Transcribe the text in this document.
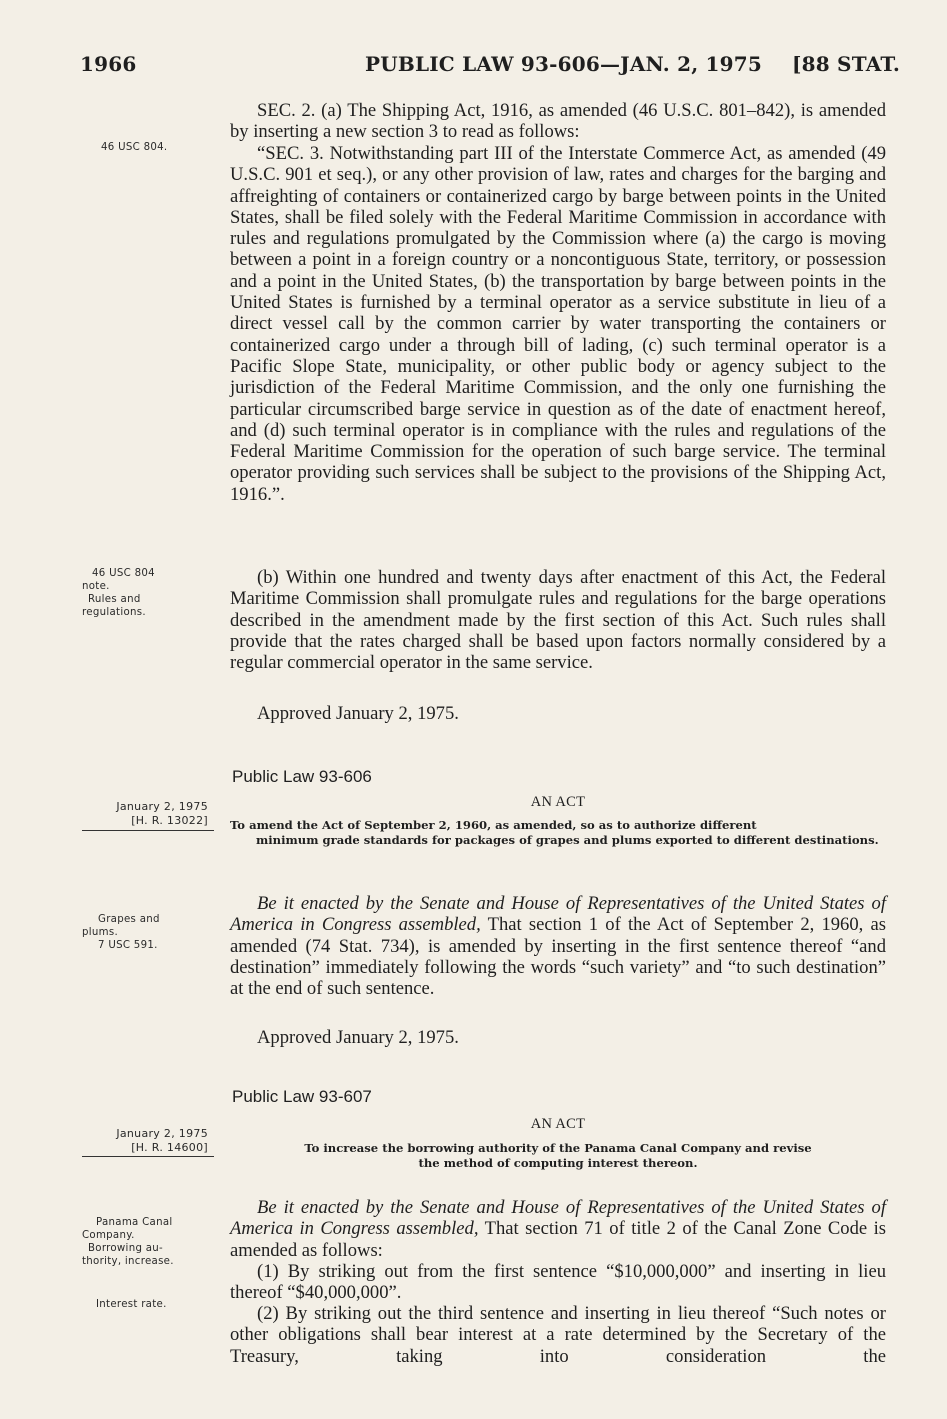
1966	PUBLIC LAW 93-606—JAN. 2, 1975 [88 STAT.
46 USC 804.
46 USC 804
note.
Rules and
regulations.
January 2, 1975
[H. R. 13022]
Grapes and
plums.
7 USC 591.
January 2, 1975
[H. R. 14600]
Panama Canal
Company.
Borrowing au-
thority, increase.
Interest rate.
SEC. 2. (a) The Shipping Act, 1916, as amended (46 U.S.C. 801–842), is amended by inserting a new section 3 to read as follows:
“SEC. 3. Notwithstanding part III of the Interstate Commerce Act, as amended (49 U.S.C. 901 et seq.), or any other provision of law, rates and charges for the barging and affreighting of containers or containerized cargo by barge between points in the United States, shall be filed solely with the Federal Maritime Commission in accordance with rules and regulations promulgated by the Commission where (a) the cargo is moving between a point in a foreign country or a noncontiguous State, territory, or possession and a point in the United States, (b) the transportation by barge between points in the United States is furnished by a terminal operator as a service substitute in lieu of a direct vessel call by the common carrier by water transporting the containers or containerized cargo under a through bill of lading, (c) such terminal operator is a Pacific Slope State, municipality, or other public body or agency subject to the jurisdiction of the Federal Maritime Commission, and the only one furnishing the particular circumscribed barge service in question as of the date of enactment hereof, and (d) such terminal operator is in compliance with the rules and regulations of the Federal Maritime Commission for the operation of such barge service. The terminal operator providing such services shall be subject to the provisions of the Shipping Act, 1916.”.
(b) Within one hundred and twenty days after enactment of this Act, the Federal Maritime Commission shall promulgate rules and regulations for the barge operations described in the amendment made by the first section of this Act. Such rules shall provide that the rates charged shall be based upon factors normally considered by a regular commercial operator in the same service.
Approved January 2, 1975.
Public Law 93-606
AN ACT
To amend the Act of September 2, 1960, as amended, so as to authorize different
minimum grade standards for packages of grapes and plums exported to different destinations.
Be it enacted by the Senate and House of Representatives of the United States of America in Congress assembled, That section 1 of the Act of September 2, 1960, as amended (74 Stat. 734), is amended by inserting in the first sentence thereof “and destination” immediately following the words “such variety” and “to such destination” at the end of such sentence.
Approved January 2, 1975.
Public Law 93-607
AN ACT
To increase the borrowing authority of the Panama Canal Company and revise
the method of computing interest thereon.
Be it enacted by the Senate and House of Representatives of the United States of America in Congress assembled, That section 71 of title 2 of the Canal Zone Code is amended as follows:
(1) By striking out from the first sentence “$10,000,000” and inserting in lieu thereof “$40,000,000”.
(2) By striking out the third sentence and inserting in lieu thereof “Such notes or other obligations shall bear interest at a rate determined by the Secretary of the Treasury, taking into consideration the
